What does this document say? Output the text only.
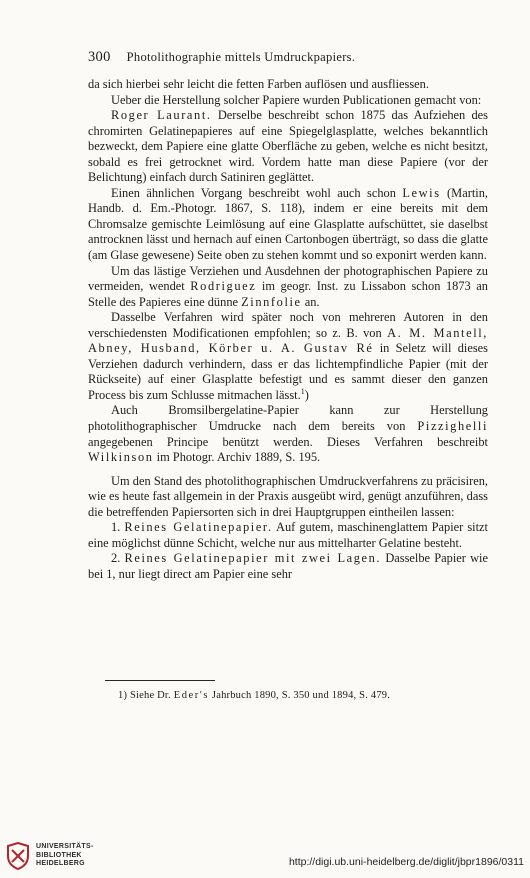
300 Photolithographie mittels Umdruckpapiers.

da sich hierbei sehr leicht die fetten Farben auflösen und ausfliessen.

Ueber die Herstellung solcher Papiere wurden Publicationen gemacht von:

Roger Laurant. Derselbe beschreibt schon 1875 das Aufziehen des chromirten Gelatinepapieres auf eine Spiegelglasplatte, welches bekanntlich bezweckt, dem Papiere eine glatte Oberfläche zu geben, welche es nicht besitzt, sobald es frei getrocknet wird. Vordem hatte man diese Papiere (vor der Belichtung) einfach durch Satiniren geglättet.

Einen ähnlichen Vorgang beschreibt wohl auch schon Lewis (Martin, Handb. d. Em.-Photogr. 1867, S. 118), indem er eine bereits mit dem Chromsalze gemischte Leimlösung auf eine Glasplatte aufschüttet, sie daselbst antrocknen lässt und hernach auf einen Cartonbogen überträgt, so dass die glatte (am Glase gewesene) Seite oben zu stehen kommt und so exponirt werden kann.

Um das lästige Verziehen und Ausdehnen der photographischen Papiere zu vermeiden, wendet Rodriguez im geogr. Inst. zu Lissabon schon 1873 an Stelle des Papieres eine dünne Zinnfolie an.

Dasselbe Verfahren wird später noch von mehreren Autoren in den verschiedensten Modificationen empfohlen; so z. B. von A. M. Mantell, Abney, Husband, Körber u. A. Gustav Ré in Seletz will dieses Verziehen dadurch verhindern, dass er das lichtempfindliche Papier (mit der Rückseite) auf einer Glasplatte befestigt und es sammt dieser den ganzen Process bis zum Schlusse mitmachen lässt.$^1$)

Auch Bromsilbergelatine-Papier kann zur Herstellung photolithographischer Umdrucke nach dem bereits von Pizzighelli angegebenen Principe benützt werden. Dieses Verfahren beschreibt Wilkinson im Photogr. Archiv 1889, S. 195.

Um den Stand des photolithographischen Umdruckverfahrens zu präcisiren, wie es heute fast allgemein in der Praxis ausgeübt wird, genügt anzuführen, dass die betreffenden Papiersorten sich in drei Hauptgruppen eintheilen lassen:

1. Reines Gelatinepapier. Auf gutem, maschinenglattem Papier sitzt eine möglichst dünne Schicht, welche nur aus mittelharter Gelatine besteht.

2. Reines Gelatinepapier mit zwei Lagen. Dasselbe Papier wie bei 1, nur liegt direct am Papier eine sehr

1) Siehe Dr. Eder's Jahrbuch 1890, S. 350 und 1894, S. 479.
UNIVERSITÄTS-
BIBLIOTHEK
HEIDELBERG	http://digi.ub.uni-heidelberg.de/diglit/jbpr1896/0311
